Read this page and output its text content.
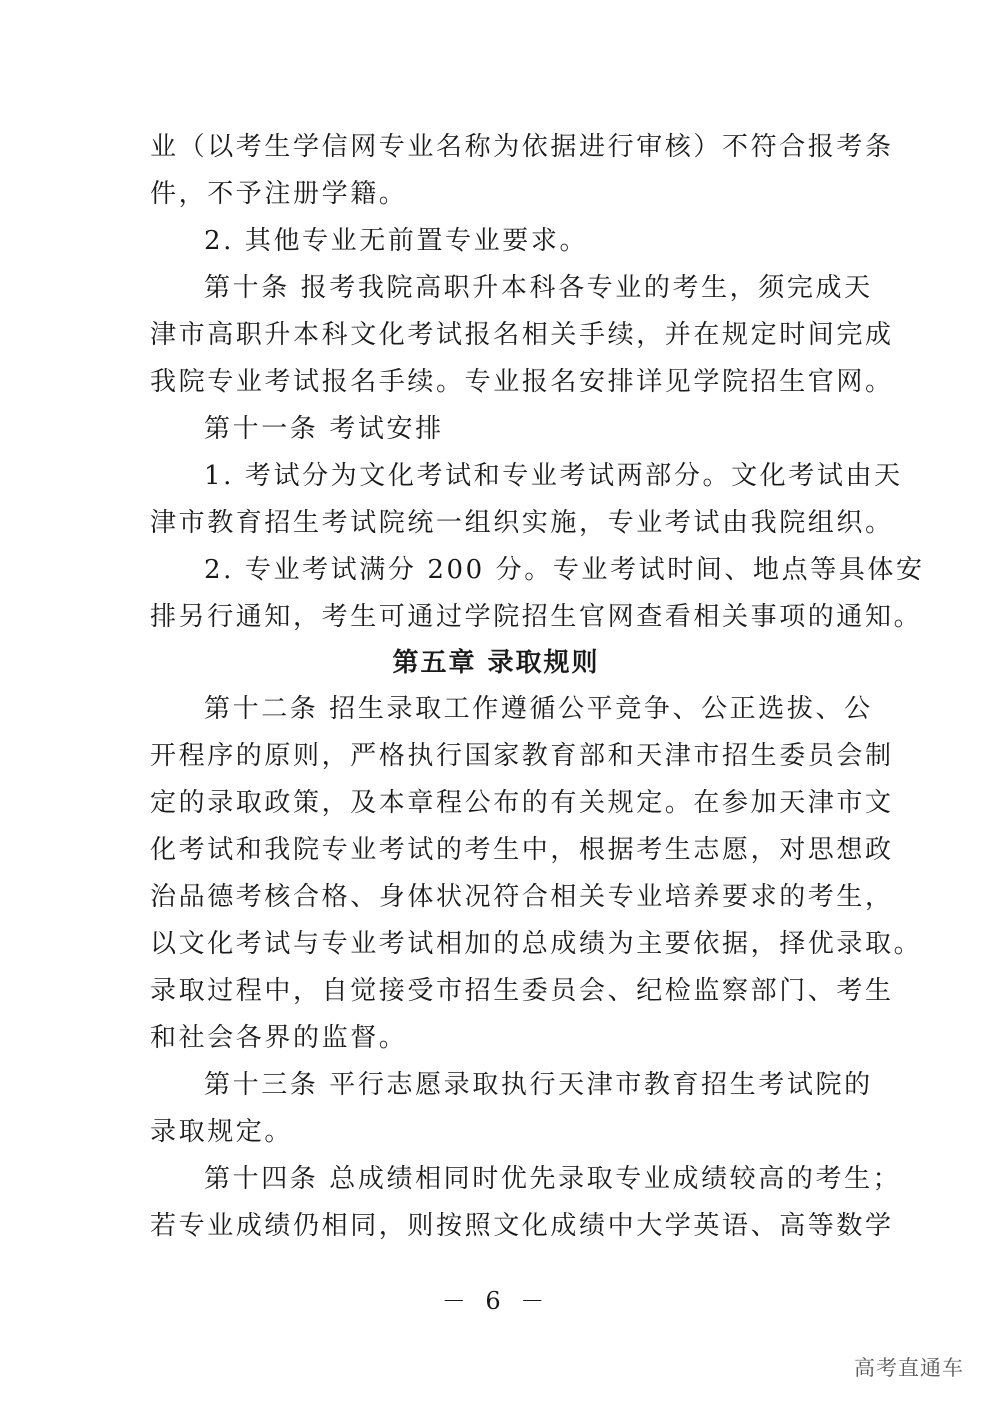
业（以考生学信网专业名称为依据进行审核）不符合报考条
件，不予注册学籍。
2. 其他专业无前置专业要求。
第十条 报考我院高职升本科各专业的考生，须完成天
津市高职升本科文化考试报名相关手续，并在规定时间完成
我院专业考试报名手续。专业报名安排详见学院招生官网。
第十一条 考试安排
1. 考试分为文化考试和专业考试两部分。文化考试由天
津市教育招生考试院统一组织实施，专业考试由我院组织。
2. 专业考试满分 200 分。专业考试时间、地点等具体安
排另行通知，考生可通过学院招生官网查看相关事项的通知。
第五章 录取规则
第十二条 招生录取工作遵循公平竞争、公正选拔、公
开程序的原则，严格执行国家教育部和天津市招生委员会制
定的录取政策，及本章程公布的有关规定。在参加天津市文
化考试和我院专业考试的考生中，根据考生志愿，对思想政
治品德考核合格、身体状况符合相关专业培养要求的考生，
以文化考试与专业考试相加的总成绩为主要依据，择优录取。
录取过程中，自觉接受市招生委员会、纪检监察部门、考生
和社会各界的监督。
第十三条 平行志愿录取执行天津市教育招生考试院的
录取规定。
第十四条 总成绩相同时优先录取专业成绩较高的考生；
若专业成绩仍相同，则按照文化成绩中大学英语、高等数学
－ 6 －
高考直通车
